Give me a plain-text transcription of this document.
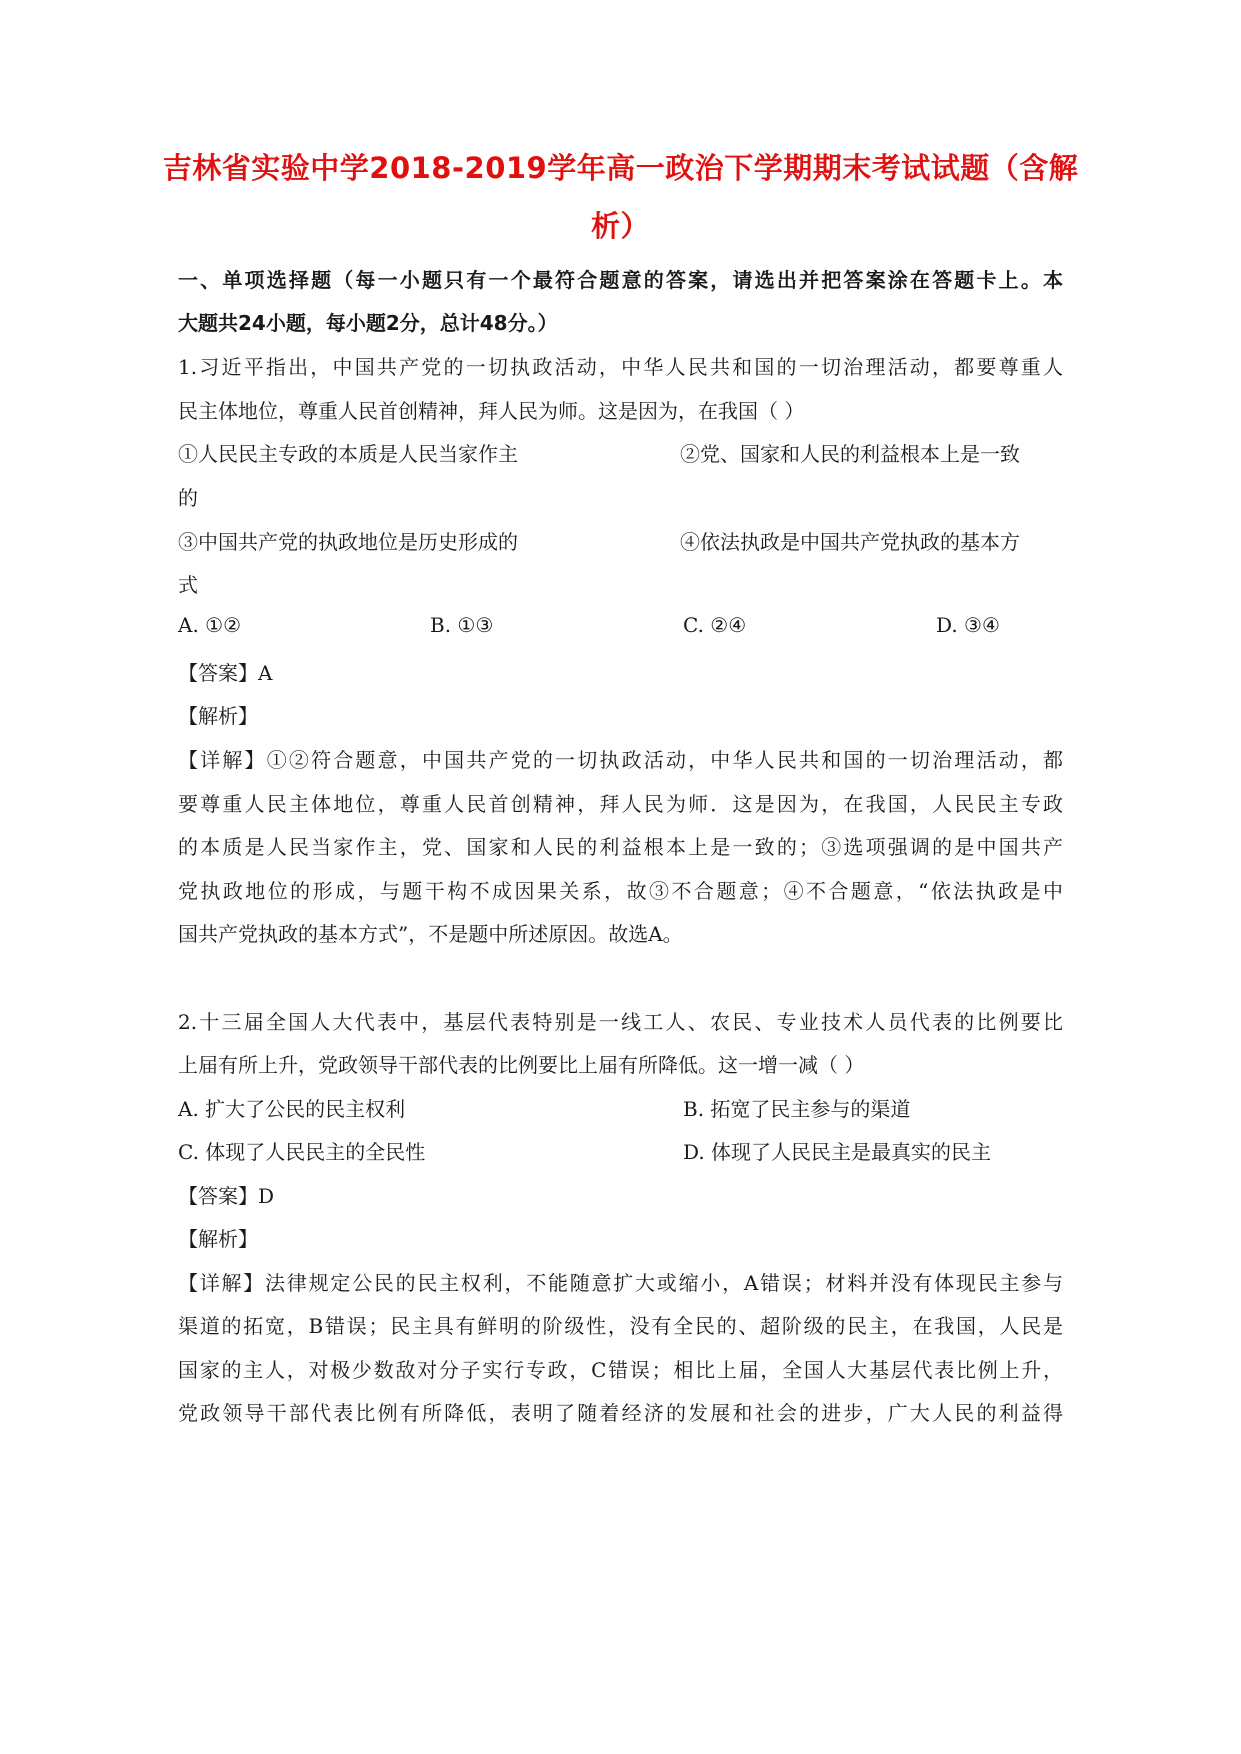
吉林省实验中学2018-2019学年高一政治下学期期末考试试题（含解
析）
一、单项选择题（每一小题只有一个最符合题意的答案，请选出并把答案涂在答题卡上。本
大题共24小题，每小题2分，总计48分。）
1.习近平指出，中国共产党的一切执政活动，中华人民共和国的一切治理活动，都要尊重人
民主体地位，尊重人民首创精神，拜人民为师。这是因为，在我国（ ）
①人民民主专政的本质是人民当家作主	②党、国家和人民的利益根本上是一致
的
③中国共产党的执政地位是历史形成的	④依法执政是中国共产党执政的基本方
式
A. ①②	B. ①③	C. ②④	D. ③④
【答案】A
【解析】
【详解】①②符合题意，中国共产党的一切执政活动，中华人民共和国的一切治理活动，都
要尊重人民主体地位，尊重人民首创精神，拜人民为师．这是因为，在我国，人民民主专政
的本质是人民当家作主，党、国家和人民的利益根本上是一致的；③选项强调的是中国共产
党执政地位的形成，与题干构不成因果关系，故③不合题意；④不合题意，“依法执政是中
国共产党执政的基本方式”，不是题中所述原因。故选A。
2.十三届全国人大代表中，基层代表特别是一线工人、农民、专业技术人员代表的比例要比
上届有所上升，党政领导干部代表的比例要比上届有所降低。这一增一减（ ）
A. 扩大了公民的民主权利	B. 拓宽了民主参与的渠道
C. 体现了人民民主的全民性	D. 体现了人民民主是最真实的民主
【答案】D
【解析】
【详解】法律规定公民的民主权利，不能随意扩大或缩小，A错误；材料并没有体现民主参与
渠道的拓宽，B错误；民主具有鲜明的阶级性，没有全民的、超阶级的民主，在我国，人民是
国家的主人，对极少数敌对分子实行专政，C错误；相比上届，全国人大基层代表比例上升，
党政领导干部代表比例有所降低，表明了随着经济的发展和社会的进步，广大人民的利益得
